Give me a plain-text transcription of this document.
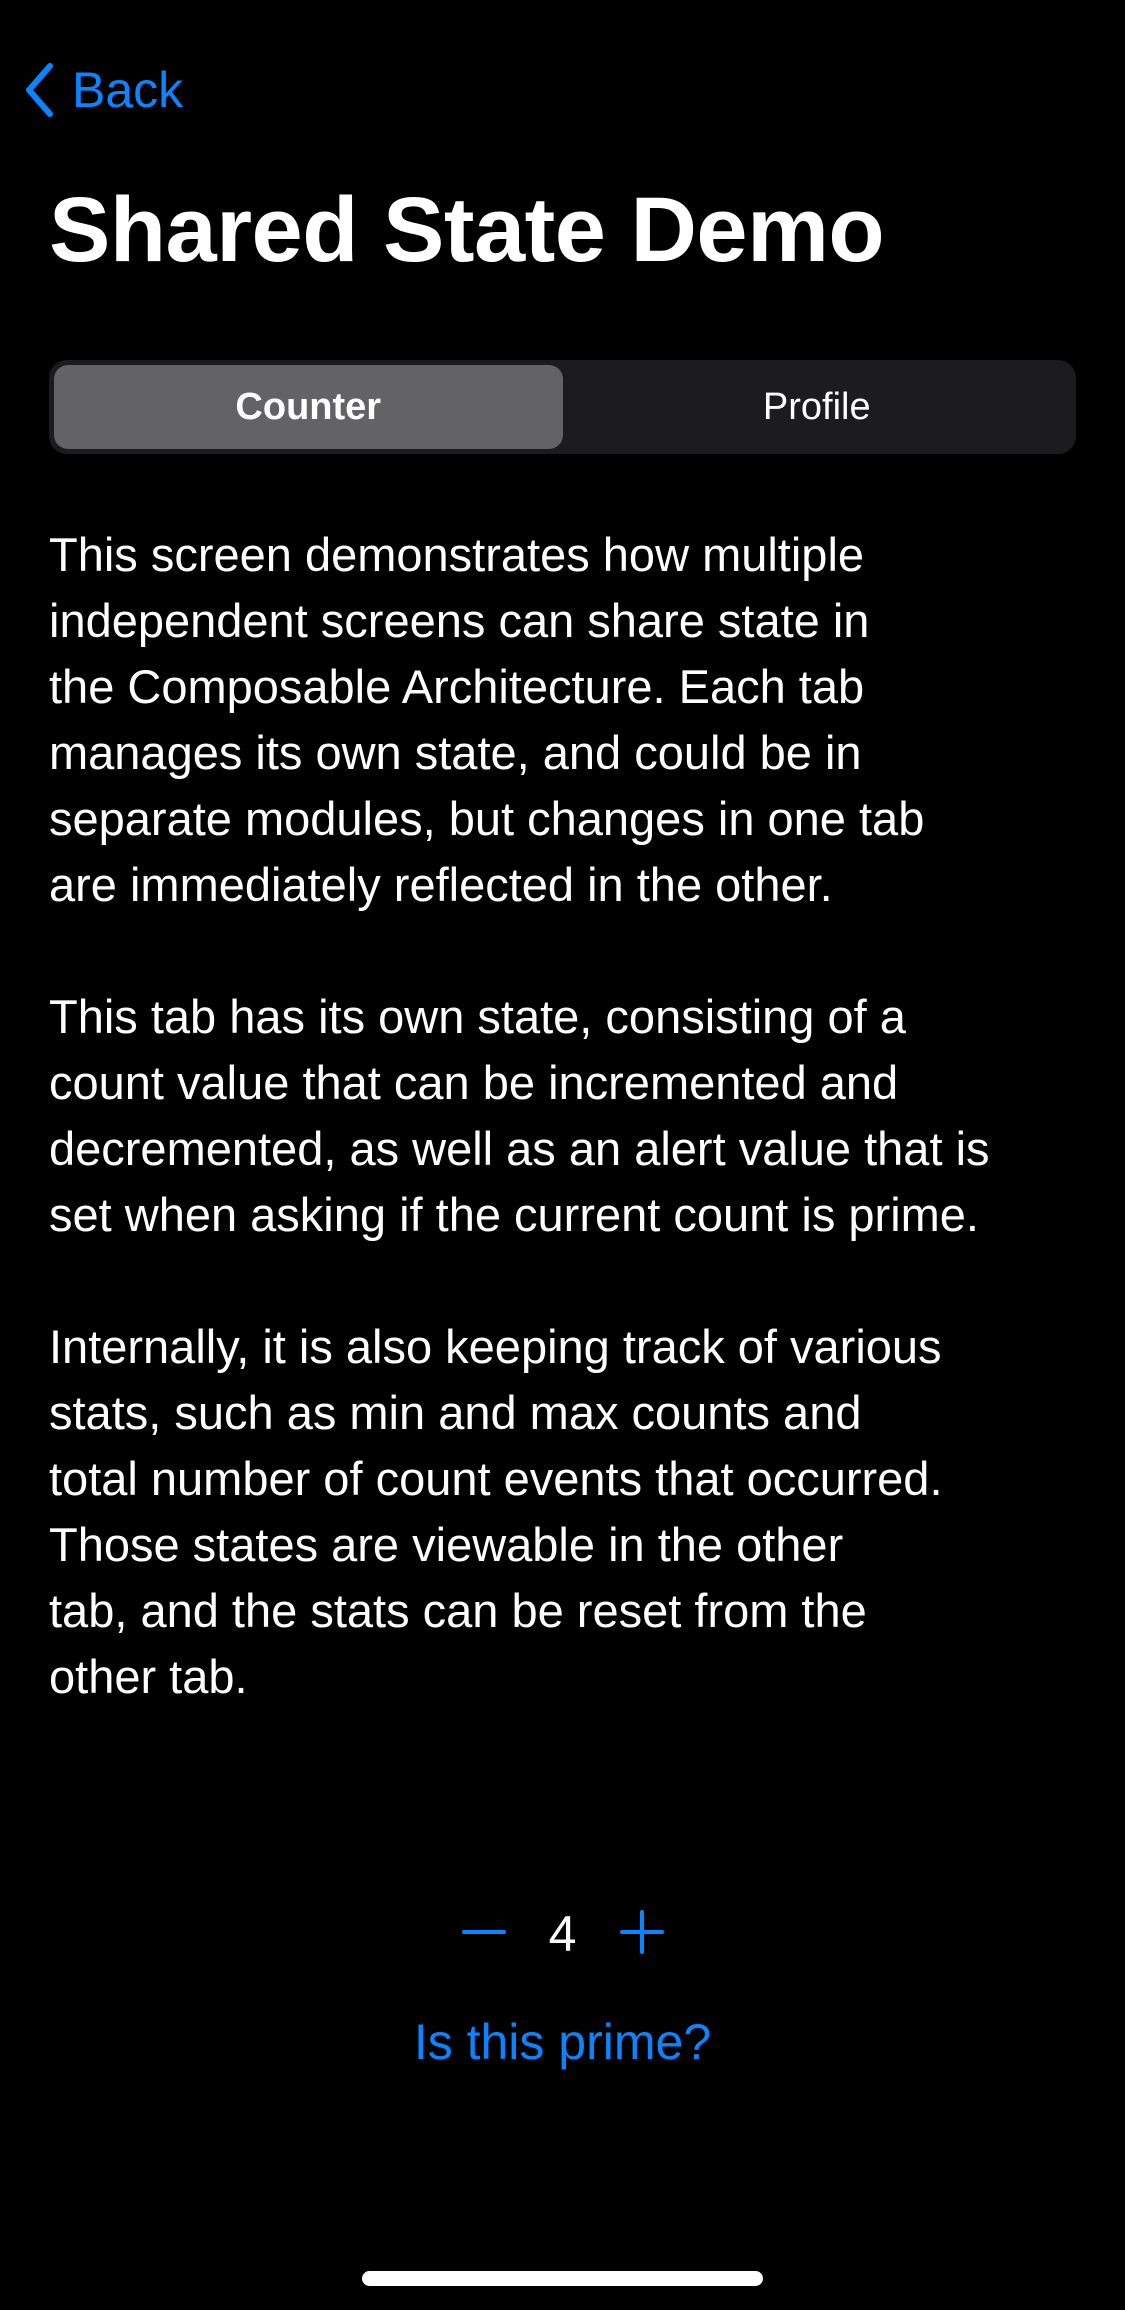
Back
Shared State Demo
Counter	Profile

This screen demonstrates how multiple
independent screens can share state in
the Composable Architecture. Each tab
manages its own state, and could be in
separate modules, but changes in one tab
are immediately reflected in the other.

This tab has its own state, consisting of a
count value that can be incremented and
decremented, as well as an alert value that is
set when asking if the current count is prime.

Internally, it is also keeping track of various
stats, such as min and max counts and
total number of count events that occurred.
Those states are viewable in the other
tab, and the stats can be reset from the
other tab.

4
Is this prime?
